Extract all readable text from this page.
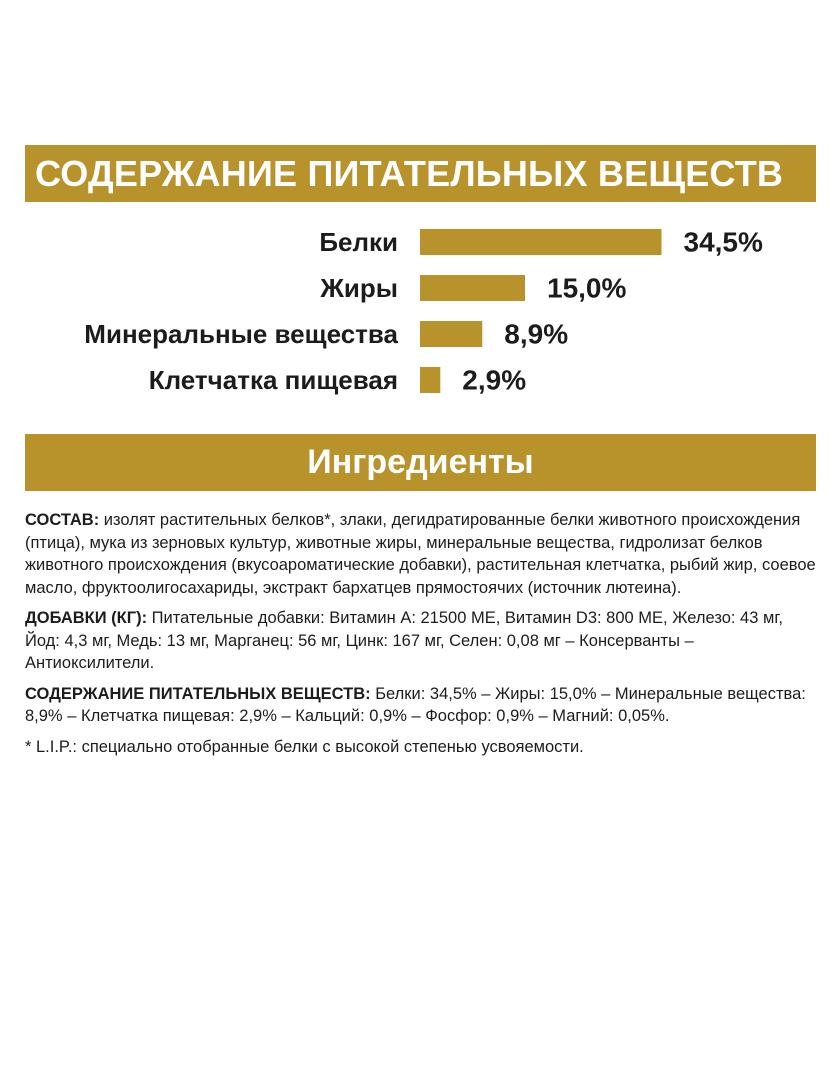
СОДЕРЖАНИЕ ПИТАТЕЛЬНЫХ ВЕЩЕСТВ
Белки	34,5%
Жиры	15,0%
Минеральные вещества	8,9%
Клетчатка пищевая 2,9%
Ингредиенты

СОСТАВ: изолят растительных белков*, злаки, дегидратированные белки животного происхождения (птица), мука из зерновых культур, животные жиры, минеральные вещества, гидролизат белков животного происхождения (вкусоароматические добавки), растительная клетчатка, рыбий жир, соевое масло, фруктоолигосахариды, экстракт бархатцев прямостоячих (источник лютеина).

ДОБАВКИ (КГ): Питательные добавки: Витамин А: 21500 МЕ, Витамин D3: 800 МЕ, Железо: 43 мг, Йод: 4,3 мг, Медь: 13 мг, Марганец: 56 мг, Цинк: 167 мг, Селен: 0,08 мг – Консерванты – Антиоксилители.

СОДЕРЖАНИЕ ПИТАТЕЛЬНЫХ ВЕЩЕСТВ: Белки: 34,5% – Жиры: 15,0% – Минеральные вещества: 8,9% – Клетчатка пищевая: 2,9% – Кальций: 0,9% – Фосфор: 0,9% – Магний: 0,05%.

* L.I.P.: специально отобранные белки с высокой степенью усвояемости.
